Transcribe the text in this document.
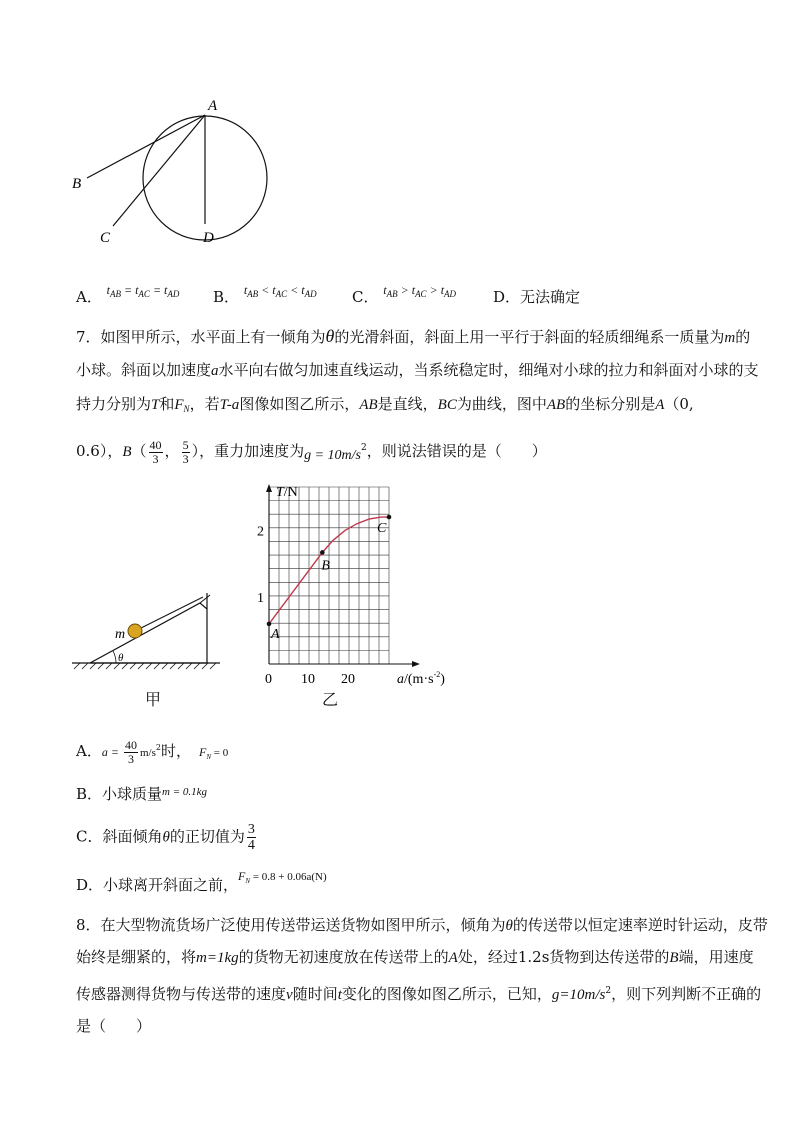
A
B
C	D
A． $^{t_{AB} = t_{AC} = t_{AD}}$ B． $^{t_{AB} < t_{AC} < t_{AD}}$ C． $^{t_{AB} > t_{AC} > t_{AD}}$ D．无法确定
7．如图甲所示，水平面上有一倾角为θ的光滑斜面，斜面上用一平行于斜面的轻质细绳系一质量为m的
小球。斜面以加速度a水平向右做匀加速直线运动，当系统稳定时，细绳对小球的拉力和斜面对小球的支
持力分别为T和$F_N$，若T-a图像如图乙所示，AB是直线，BC为曲线，图中AB的坐标分别是A（0,
0.6），$B( \frac{40}{3}$ ， $\frac{5}{3}$ ），重力加速度为$g = 10m/s^2$，则说法错误的是（　　）
m
θ
甲
A
B
C
0 10 20
1
2
T/N
$a/(m\cdot s^{-2})$
乙
A．$a = \frac{40}{3} m/s^2$时， $F_N = 0$
B．小球质量$^{m = 0.1kg}$
C．斜面倾角θ的正切值为 $\frac{3}{4}$
D．小球离开斜面之前，$F_N = 0.8 + 0.06a(N)$
8．在大型物流货场广泛使用传送带运送货物如图甲所示，倾角为θ的传送带以恒定速率逆时针运动，皮带
始终是绷紧的，将m=1kg的货物无初速度放在传送带上的A处，经过1.2s货物到达传送带的B端，用速度
传感器测得货物与传送带的速度v随时间t变化的图像如图乙所示，已知，$g=10m/s^2$，则下列判断不正确的
是（　　）
